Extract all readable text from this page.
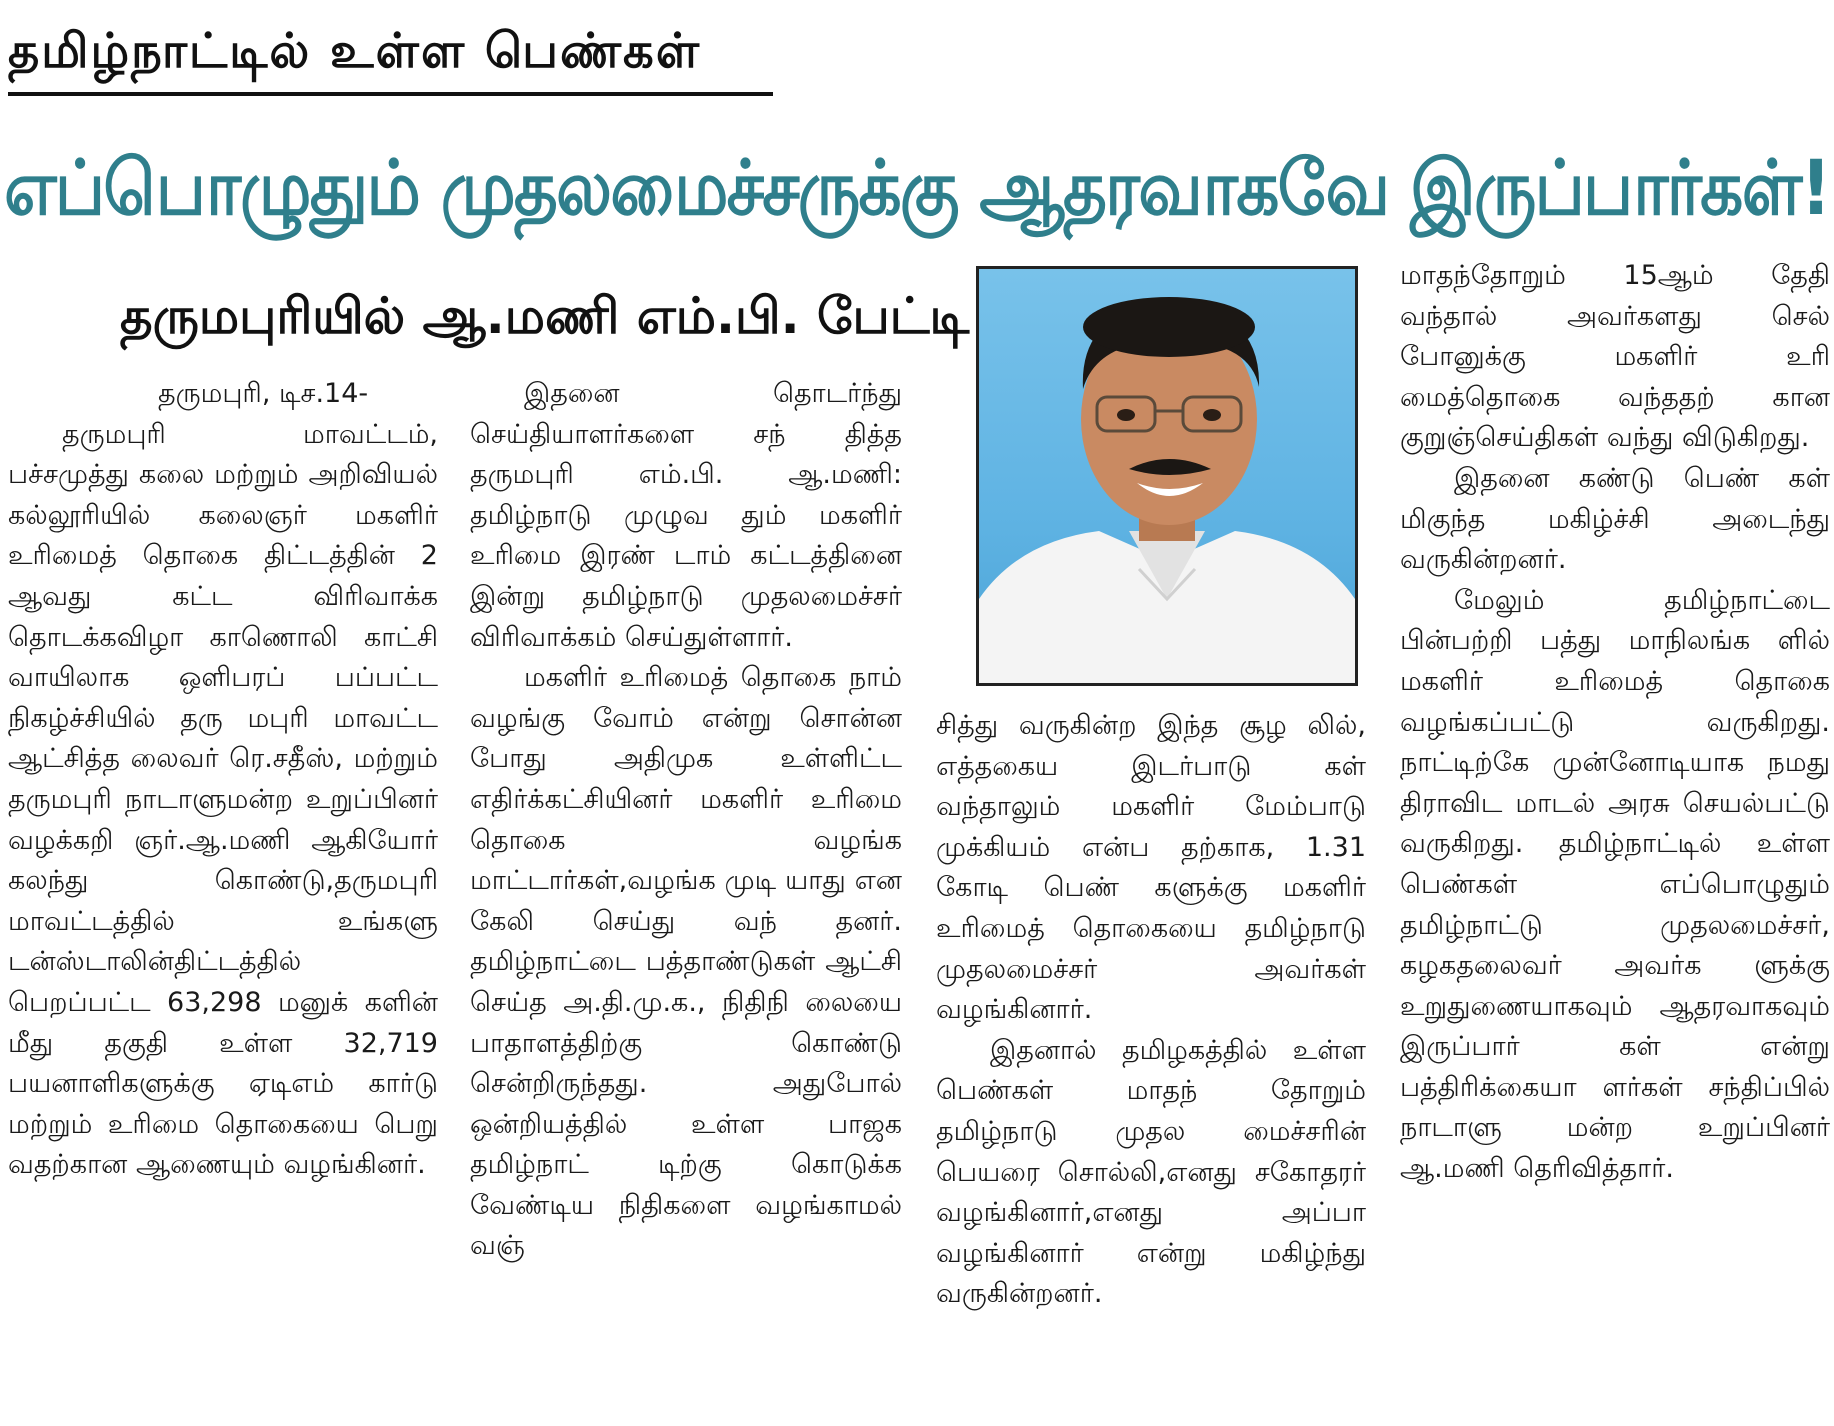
தமிழ்நாட்டில் உள்ள பெண்கள்
எப்பொழுதும் முதலமைச்சருக்கு ஆதரவாகவே இருப்பார்கள்!
தருமபுரியில் ஆ.மணி எம்.பி. பேட்டி

தருமபுரி, டிச.14-

தருமபுரி மாவட்டம், பச்சமுத்து கலை மற்றும் அறிவியல் கல்லூரியில் கலைஞர் மகளிர் உரிமைத் தொகை திட்டத்தின் 2 ஆவது கட்ட விரிவாக்க தொடக்கவிழா காணொலி காட்சி வாயிலாக ஒளிபரப் பப்பட்ட நிகழ்ச்சியில் தரு மபுரி மாவட்ட ஆட்சித்த லைவர் ரெ.சதீஸ், மற்றும் தருமபுரி நாடாளுமன்ற உறுப்பினர் வழக்கறி ஞர்.ஆ.மணி ஆகியோர் கலந்து கொண்டு,தருமபுரி மாவட்டத்தில் உங்களு டன்ஸ்டாலின்திட்டத்தில் பெறப்பட்ட 63,298 மனுக் களின் மீது தகுதி உள்ள 32,719 பயனாளிகளுக்கு ஏடிஎம் கார்டு மற்றும் உரிமை தொகையை பெறு வதற்கான ஆணையும் வழங்கினர்.

இதனை தொடர்ந்து செய்தியாளர்களை சந் தித்த தருமபுரி எம்.பி. ஆ.மணி: தமிழ்நாடு முழுவ தும் மகளிர் உரிமை இரண் டாம் கட்டத்தினை இன்று தமிழ்நாடு முதலமைச்சர் விரிவாக்கம் செய்துள்ளார்.

மகளிர் உரிமைத் தொகை நாம் வழங்கு வோம் என்று சொன்ன போது அதிமுக உள்ளிட்ட எதிர்க்கட்சியினர் மகளிர் உரிமை தொகை வழங்க மாட்டார்கள்,வழங்க முடி யாது என கேலி செய்து வந் தனர். தமிழ்நாட்டை பத்தாண்டுகள் ஆட்சி செய்த அ.தி.மு.க., நிதிநி லையை பாதாளத்திற்கு கொண்டு சென்றிருந்தது. அதுபோல் ஒன்றியத்தில் உள்ள பாஜக தமிழ்நாட் டிற்கு கொடுக்க வேண்டிய நிதிகளை வழங்காமல் வஞ்

சித்து வருகின்ற இந்த சூழ லில், எத்தகைய இடர்பாடு கள் வந்தாலும் மகளிர் மேம்பாடு முக்கியம் என்ப தற்காக, 1.31 கோடி பெண் களுக்கு மகளிர் உரிமைத் தொகையை தமிழ்நாடு முதலமைச்சர் அவர்கள் வழங்கினார்.

இதனால் தமிழகத்தில் உள்ள பெண்கள் மாதந் தோறும் தமிழ்நாடு முதல மைச்சரின் பெயரை சொல்லி,எனது சகோதரர் வழங்கினார்,எனது அப்பா வழங்கினார் என்று மகிழ்ந்து வருகின்றனர்.

மாதந்தோறும் 15ஆம் தேதி வந்தால் அவர்களது செல் போனுக்கு மகளிர் உரி மைத்தொகை வந்ததற் கான குறுஞ்செய்திகள் வந்து விடுகிறது.

இதனை கண்டு பெண் கள் மிகுந்த மகிழ்ச்சி அடைந்து வருகின்றனர்.

மேலும் தமிழ்நாட்டை பின்பற்றி பத்து மாநிலங்க ளில் மகளிர் உரிமைத் தொகை வழங்கப்பட்டு வருகிறது. நாட்டிற்கே முன்னோடியாக நமது திராவிட மாடல் அரசு செயல்பட்டு வருகிறது. தமிழ்நாட்டில் உள்ள பெண்கள் எப்பொழுதும் தமிழ்நாட்டு முதலமைச்சர், கழகதலைவர் அவர்க ளுக்கு உறுதுணையாகவும் ஆதரவாகவும் இருப்பார் கள் என்று பத்திரிக்கையா ளர்கள் சந்திப்பில் நாடாளு மன்ற உறுப்பினர் ஆ.மணி தெரிவித்தார்.
